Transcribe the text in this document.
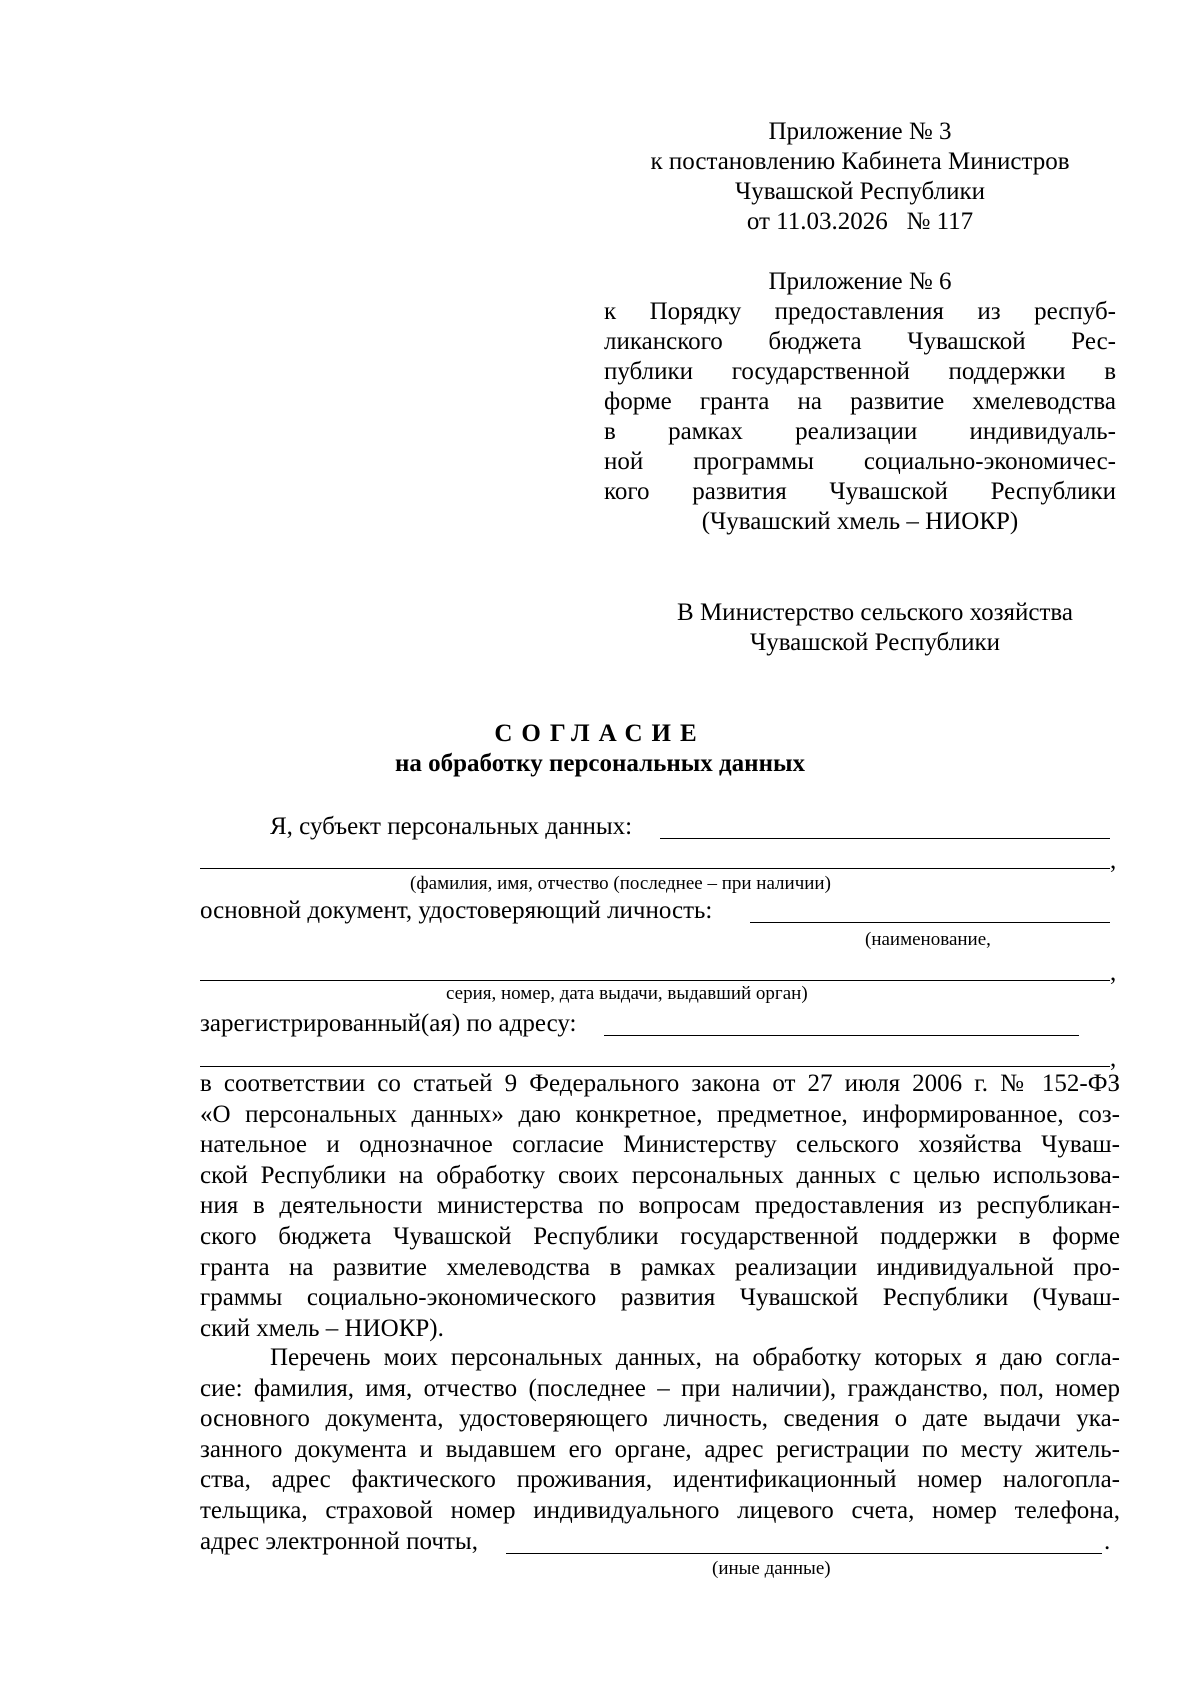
Приложение № 3
к постановлению Кабинета Министров
Чувашской Республики
от 11.03.2026   № 117
Приложение № 6
к Порядку предоставления из респуб-
ликанского бюджета Чувашской Рес-
публики государственной поддержки в
форме гранта на развитие хмелеводства
в рамках реализации индивидуаль-
ной программы социально-экономичес-
кого развития Чувашской Республики
(Чувашский хмель – НИОКР)
В Министерство сельского хозяйства
Чувашской Республики
СОГЛАСИЕ
на обработку персональных данных
Я, субъект персональных данных:
,
(фамилия, имя, отчество (последнее – при наличии)
основной документ, удостоверяющий личность:
(наименование,
,
серия, номер, дата выдачи, выдавший орган)
зарегистрированный(ая) по адресу:
,
в соответствии со статьей 9 Федерального закона от 27 июля 2006 г. № 152-ФЗ
«О персональных данных» даю конкретное, предметное, информированное, соз-
нательное и однозначное согласие Министерству сельского хозяйства Чуваш-
ской Республики на обработку своих персональных данных с целью использова-
ния в деятельности министерства по вопросам предоставления из республикан-
ского бюджета Чувашской Республики государственной поддержки в форме
гранта на развитие хмелеводства в рамках реализации индивидуальной про-
граммы социально-экономического развития Чувашской Республики (Чуваш-
ский хмель – НИОКР).
Перечень моих персональных данных, на обработку которых я даю согла-
сие: фамилия, имя, отчество (последнее – при наличии), гражданство, пол, номер
основного документа, удостоверяющего личность, сведения о дате выдачи ука-
занного документа и выдавшем его органе, адрес регистрации по месту житель-
ства, адрес фактического проживания, идентификационный номер налогопла-
тельщика, страховой номер индивидуального лицевого счета, номер телефона,
адрес электронной почты,	.
(иные данные)
